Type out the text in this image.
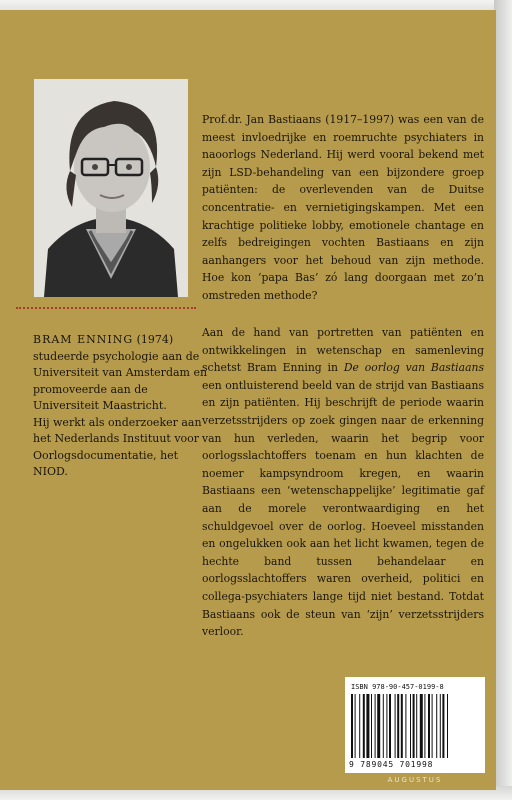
BRAM ENNING (1974)
studeerde psychologie aan de Universiteit van Amsterdam en promoveerde aan de Universiteit Maastricht.
Hij werkt als onderzoeker aan het Nederlands Instituut voor Oorlogsdocumentatie, het NIOD.
Prof.dr. Jan Bastiaans (1917–1997) was een van de meest invloedrijke en roemruchte psychiaters in naoorlogs Nederland. Hij werd vooral bekend met zijn LSD-behandeling van een bijzondere groep patiënten: de overlevenden van de Duitse concentratie- en vernietigingskampen. Met een krachtige politieke lobby, emotionele chantage en zelfs bedreigingen vochten Bastiaans en zijn aanhangers voor het behoud van zijn methode. Hoe kon ‘papa Bas’ zó lang doorgaan met zo’n omstreden methode?
Aan de hand van portretten van patiënten en ontwikkelingen in wetenschap en samenleving schetst Bram Enning in De oorlog van Bastiaans een ontluisterend beeld van de strijd van Bastiaans en zijn patiënten. Hij beschrijft de periode waarin verzetsstrijders op zoek gingen naar de erkenning van hun verleden, waarin het begrip voor oorlogsslachtoffers toenam en hun klachten de noemer kampsyndroom kregen, en waarin Bastiaans een ‘wetenschappelijke’ legitimatie gaf aan de morele verontwaardiging en het schuldgevoel over de oorlog. Hoeveel misstanden en ongelukken ook aan het licht kwamen, tegen de hechte band tussen behandelaar en oorlogsslachtoffers waren overheid, politici en collega-psychiaters lange tijd niet bestand. Totdat Bastiaans ook de steun van ‘zijn’ verzetsstrijders verloor.
ISBN 978-90-457-0199-8
9 789045 701998
AUGUSTUS
